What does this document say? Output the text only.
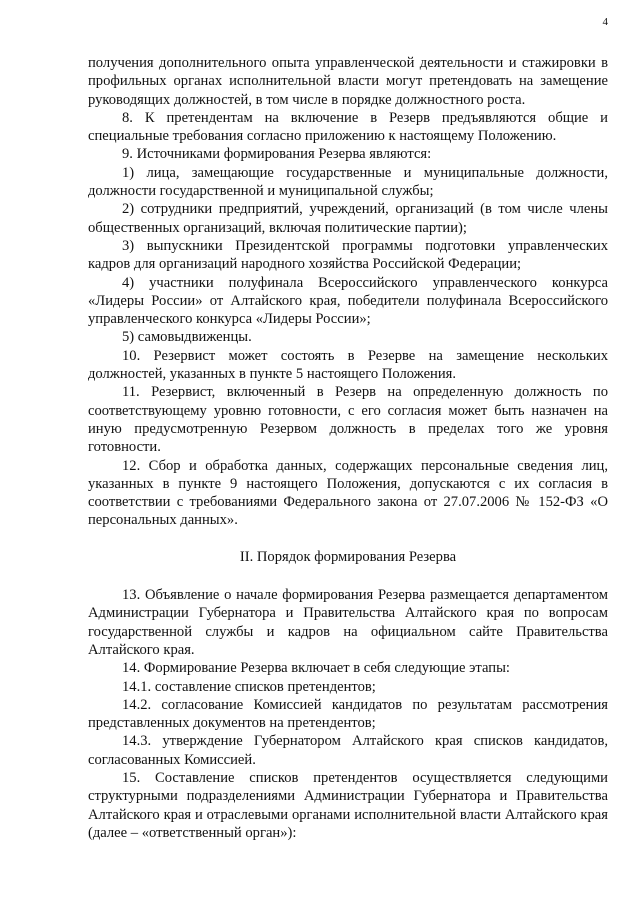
4

получения дополнительного опыта управленческой деятельности и стажировки в профильных органах исполнительной власти могут претендовать на замещение руководящих должностей, в том числе в порядке должностного роста.

8. К претендентам на включение в Резерв предъявляются общие и специальные требования согласно приложению к настоящему Положению.

9. Источниками формирования Резерва являются:

1) лица, замещающие государственные и муниципальные должности, должности государственной и муниципальной службы;

2) сотрудники предприятий, учреждений, организаций (в том числе члены общественных организаций, включая политические партии);

3) выпускники Президентской программы подготовки управленческих кадров для организаций народного хозяйства Российской Федерации;

4) участники полуфинала Всероссийского управленческого конкурса «Лидеры России» от Алтайского края, победители полуфинала Всероссийского управленческого конкурса «Лидеры России»;

5) самовыдвиженцы.

10. Резервист может состоять в Резерве на замещение нескольких должностей, указанных в пункте 5 настоящего Положения.

11. Резервист, включенный в Резерв на определенную должность по соответствующему уровню готовности, с его согласия может быть назначен на иную предусмотренную Резервом должность в пределах того же уровня готовности.

12. Сбор и обработка данных, содержащих персональные сведения лиц, указанных в пункте 9 настоящего Положения, допускаются с их согласия в соответствии с требованиями Федерального закона от 27.07.2006 № 152-ФЗ «О персональных данных».

II. Порядок формирования Резерва

13. Объявление о начале формирования Резерва размещается департаментом Администрации Губернатора и Правительства Алтайского края по вопросам государственной службы и кадров на официальном сайте Правительства Алтайского края.

14. Формирование Резерва включает в себя следующие этапы:

14.1. составление списков претендентов;

14.2. согласование Комиссией кандидатов по результатам рассмотрения представленных документов на претендентов;

14.3. утверждение Губернатором Алтайского края списков кандидатов, согласованных Комиссией.

15. Составление списков претендентов осуществляется следующими структурными подразделениями Администрации Губернатора и Правительства Алтайского края и отраслевыми органами исполнительной власти Алтайского края (далее – «ответственный орган»):
